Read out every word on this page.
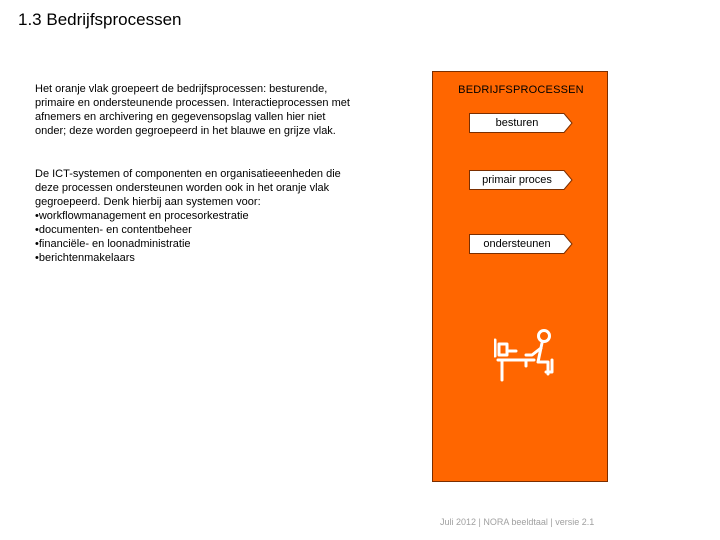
1.3 Bedrijfsprocessen

Het oranje vlak groepeert de bedrijfsprocessen: besturende, primaire en ondersteunende processen. Interactieprocessen met afnemers en archivering en gegevensopslag vallen hier niet onder; deze worden gegroepeerd in het blauwe en grijze vlak.

De ICT-systemen of componenten en organisatieeenheden die deze processen ondersteunen worden ook in het oranje vlak gegroepeerd. Denk hierbij aan systemen voor:
• workflowmanagement en procesorkestratie
• documenten- en contentbeheer
• financiële- en loonadministratie
• berichtenmakelaars
BEDRIJFSPROCESSEN
besturen
primair proces
ondersteunen
Juli 2012 | NORA beeldtaal | versie 2.1
